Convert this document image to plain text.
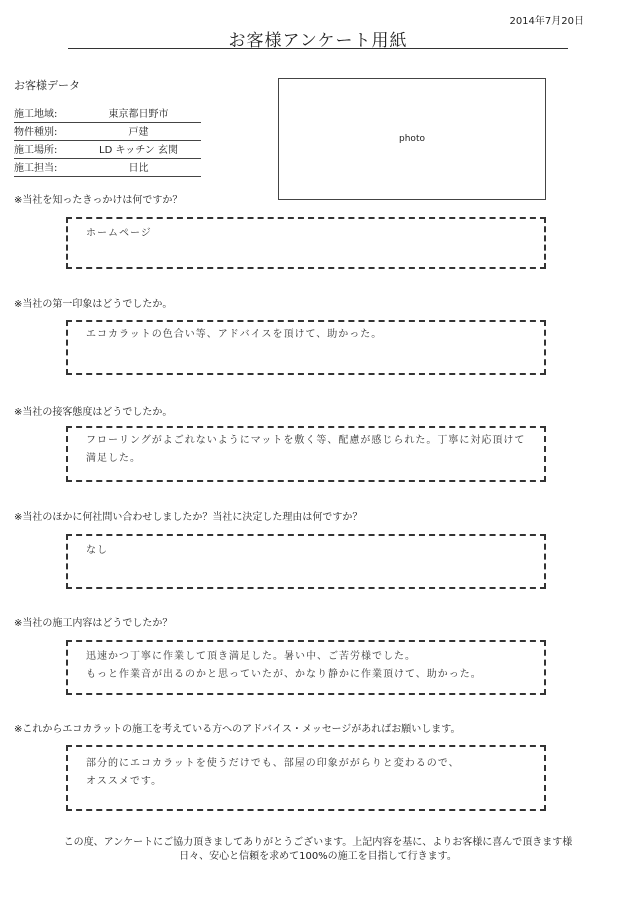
2014年7月20日
お客様アンケート用紙
お客様データ
施工地域:	東京都日野市
物件種別:	戸建
施工場所:	LD キッチン 玄関
施工担当:	日比
photo
※当社を知ったきっかけは何ですか？
ホームページ
※当社の第一印象はどうでしたか。
エコカラットの色合い等、アドバイスを頂けて、助かった。
※当社の接客態度はどうでしたか。
フローリングがよごれないようにマットを敷く等、配慮が感じられた。丁寧に対応頂けて
満足した。
※当社のほかに何社問い合わせしましたか？当社に決定した理由は何ですか？
なし
※当社の施工内容はどうでしたか？
迅速かつ丁寧に作業して頂き満足した。暑い中、ご苦労様でした。
もっと作業音が出るのかと思っていたが、かなり静かに作業頂けて、助かった。
※これからエコカラットの施工を考えている方へのアドバイス・メッセージがあればお願いします。
部分的にエコカラットを使うだけでも、部屋の印象ががらりと変わるので、
オススメです。
この度、アンケートにご協力頂きましてありがとうございます。上記内容を基に、よりお客様に喜んで頂きます様
日々、安心と信頼を求めて100%の施工を目指して行きます。
